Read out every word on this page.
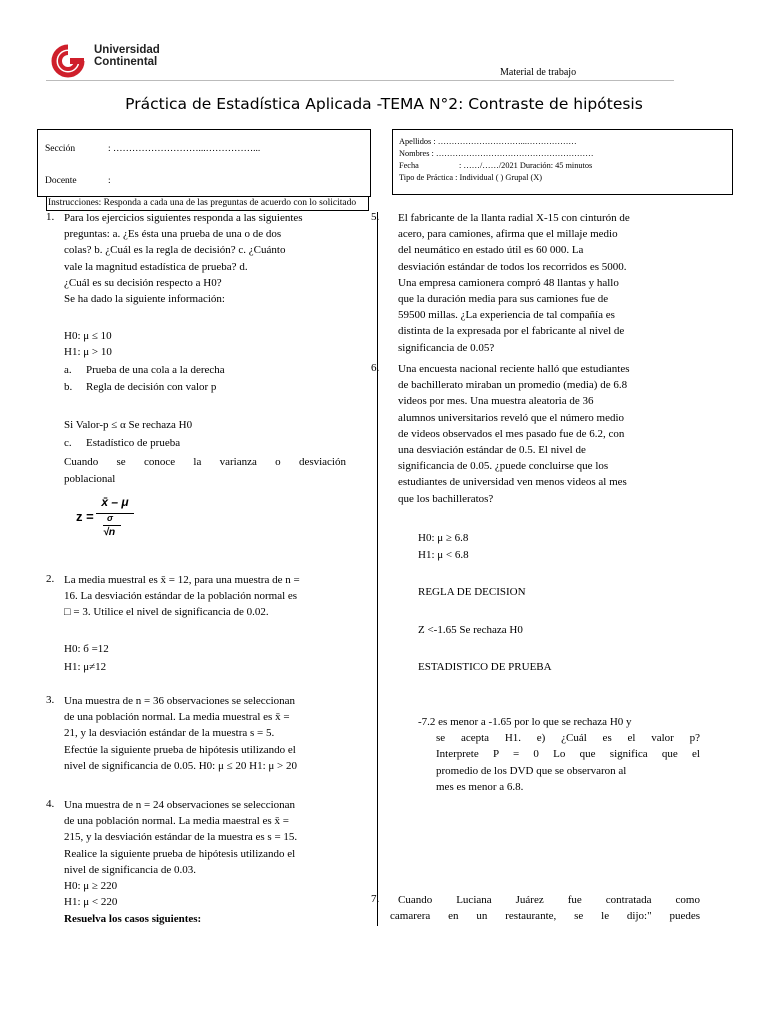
Universidad
Continental
Material de trabajo
Práctica de Estadística Aplicada -TEMA N°2: Contraste de hipótesis
Sección	: ………………………...……………...
Docente	:
Apellidos : …………………………...………………
Nombres : …………………………………………………
Fecha	: ……/……/2021 Duración: 45 minutos
Tipo de Práctica : Individual ( ) Grupal (X)
Instrucciones: Responda a cada una de las preguntas de acuerdo con lo solicitado
1. Para los ejercicios siguientes responda a las siguientes
preguntas: a. ¿Es ésta una prueba de una o de dos
colas? b. ¿Cuál es la regla de decisión? c. ¿Cuánto
vale la magnitud estadística de prueba? d.
¿Cuál es su decisión respecto a H0?
Se ha dado la siguiente información:
H0: μ ≤ 10
H1: μ > 10
a. Prueba de una cola a la derecha
b. Regla de decisión con valor p
Si Valor-p ≤ α Se rechaza H0
c. Estadístico de prueba
Cuando se conoce la varianza o desviación
poblacional
z =
x̄ – μ
σ
√n
2. La media muestral es x̄ = 12, para una muestra de n =
16. La desviación estándar de la población normal es
□ = 3. Utilice el nivel de significancia de 0.02.
H0: б =12
H1: μ≠12
3. Una muestra de n = 36 observaciones se seleccionan
de una población normal. La media muestral es x̄ =
21, y la desviación estándar de la muestra s = 5.
Efectúe la siguiente prueba de hipótesis utilizando el
nivel de significancia de 0.05. H0: μ ≤ 20 H1: μ > 20
4. Una muestra de n = 24 observaciones se seleccionan
de una población normal. La media maestral es x̄ =
215, y la desviación estándar de la muestra es s = 15.
Realice la siguiente prueba de hipótesis utilizando el
nivel de significancia de 0.03.
H0: μ ≥ 220
H1: μ < 220
Resuelva los casos siguientes:
5. El fabricante de la llanta radial X-15 con cinturón de
acero, para camiones, afirma que el millaje medio
del neumático en estado útil es 60 000. La
desviación estándar de todos los recorridos es 5000.
Una empresa camionera compró 48 llantas y hallo
que la duración media para sus camiones fue de
59500 millas. ¿La experiencia de tal compañía es
distinta de la expresada por el fabricante al nivel de
significancia de 0.05?
6. Una encuesta nacional reciente halló que estudiantes
de bachillerato miraban un promedio (media) de 6.8
videos por mes. Una muestra aleatoria de 36
alumnos universitarios reveló que el número medio
de videos observados el mes pasado fue de 6.2, con
una desviación estándar de 0.5. El nivel de
significancia de 0.05. ¿puede concluirse que los
estudiantes de universidad ven menos videos al mes
que los bachilleratos?
H0: μ ≥ 6.8
H1: μ < 6.8
REGLA DE DECISION
Z <-1.65 Se rechaza H0
ESTADISTICO DE PRUEBA
-7.2 es menor a -1.65 por lo que se rechaza H0 y
se acepta H1. e) ¿Cuál es el valor p?
Interprete P = 0 Lo que significa que el
promedio de los DVD que se observaron al
mes es menor a 6.8.
7.	Cuando Luciana Juárez fue contratada como
camarera en un restaurante, se le dijo:" puedes
